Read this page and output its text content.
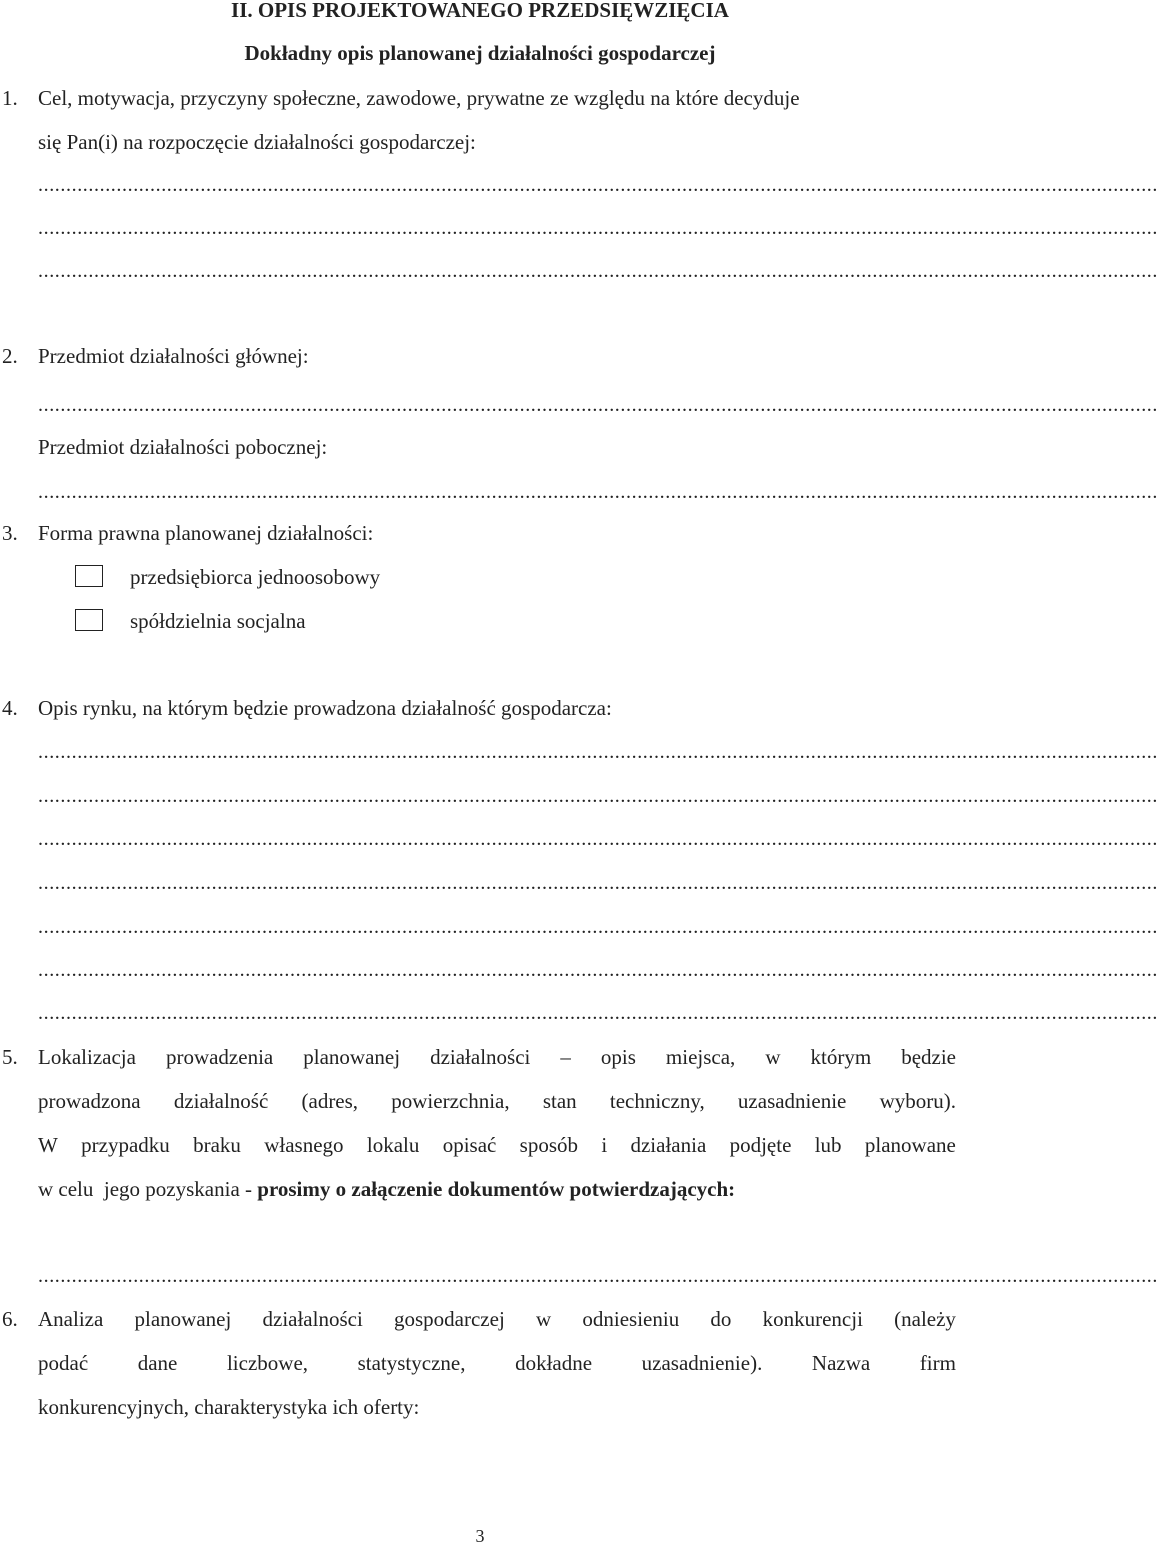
II. OPIS PROJEKTOWANEGO PRZEDSIĘWZIĘCIA
Dokładny opis planowanej działalności gospodarczej
1. Cel, motywacja, przyczyny społeczne, zawodowe, prywatne ze względu na które decyduje
się Pan(i) na rozpoczęcie działalności gospodarczej:
........................................................................................................................................................................................................
........................................................................................................................................................................................................
........................................................................................................................................................................................................
2. Przedmiot działalności głównej:
........................................................................................................................................................................................................
Przedmiot działalności pobocznej:
........................................................................................................................................................................................................
3. Forma prawna planowanej działalności:
przedsiębiorca jednoosobowy
spółdzielnia socjalna
4. Opis rynku, na którym będzie prowadzona działalność gospodarcza:
........................................................................................................................................................................................................
........................................................................................................................................................................................................
........................................................................................................................................................................................................
........................................................................................................................................................................................................
........................................................................................................................................................................................................
........................................................................................................................................................................................................
........................................................................................................................................................................................................
5. Lokalizacja prowadzenia planowanej działalności – opis miejsca, w którym będzie
prowadzona działalność (adres, powierzchnia, stan techniczny, uzasadnienie wyboru).
W przypadku braku własnego lokalu opisać sposób i działania podjęte lub planowane
w celu  jego pozyskania - prosimy o załączenie dokumentów potwierdzających:
........................................................................................................................................................................................................
6. Analiza planowanej działalności gospodarczej w odniesieniu do konkurencji (należy
podać dane liczbowe, statystyczne, dokładne uzasadnienie). Nazwa firm
konkurencyjnych, charakterystyka ich oferty:
3
